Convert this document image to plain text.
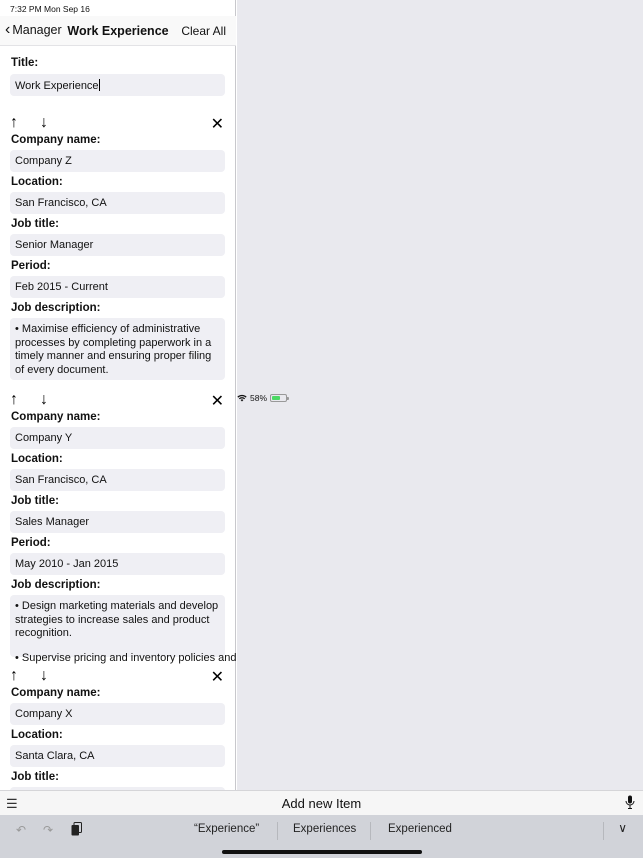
‹ Manager Work Experience	Clear All
Title:
Work Experience
↑ ↓	✕
Company name:
Company Z
Location:
San Francisco, CA
Job title:
Senior Manager
Period:
Feb 2015 - Current
Job description:
• Maximise efficiency of administrative processes by completing paperwork in a timely manner and ensuring proper filing of every document.
↑ ↓	✕
Company name:
Company Y
Location:
San Francisco, CA
Job title:
Sales Manager
Period:
May 2010 - Jan 2015
Job description:
• Design marketing materials and develop strategies to increase sales and product recognition.
• Supervise pricing and inventory policies and
↑ ↓	✕
Company name:
Company X
Location:
Santa Clara, CA
Job title:
7:32 PM Mon Sep 16
58%
☰	Add new Item
↶ ↷	“Experience”	Experiences	Experienced	∨
